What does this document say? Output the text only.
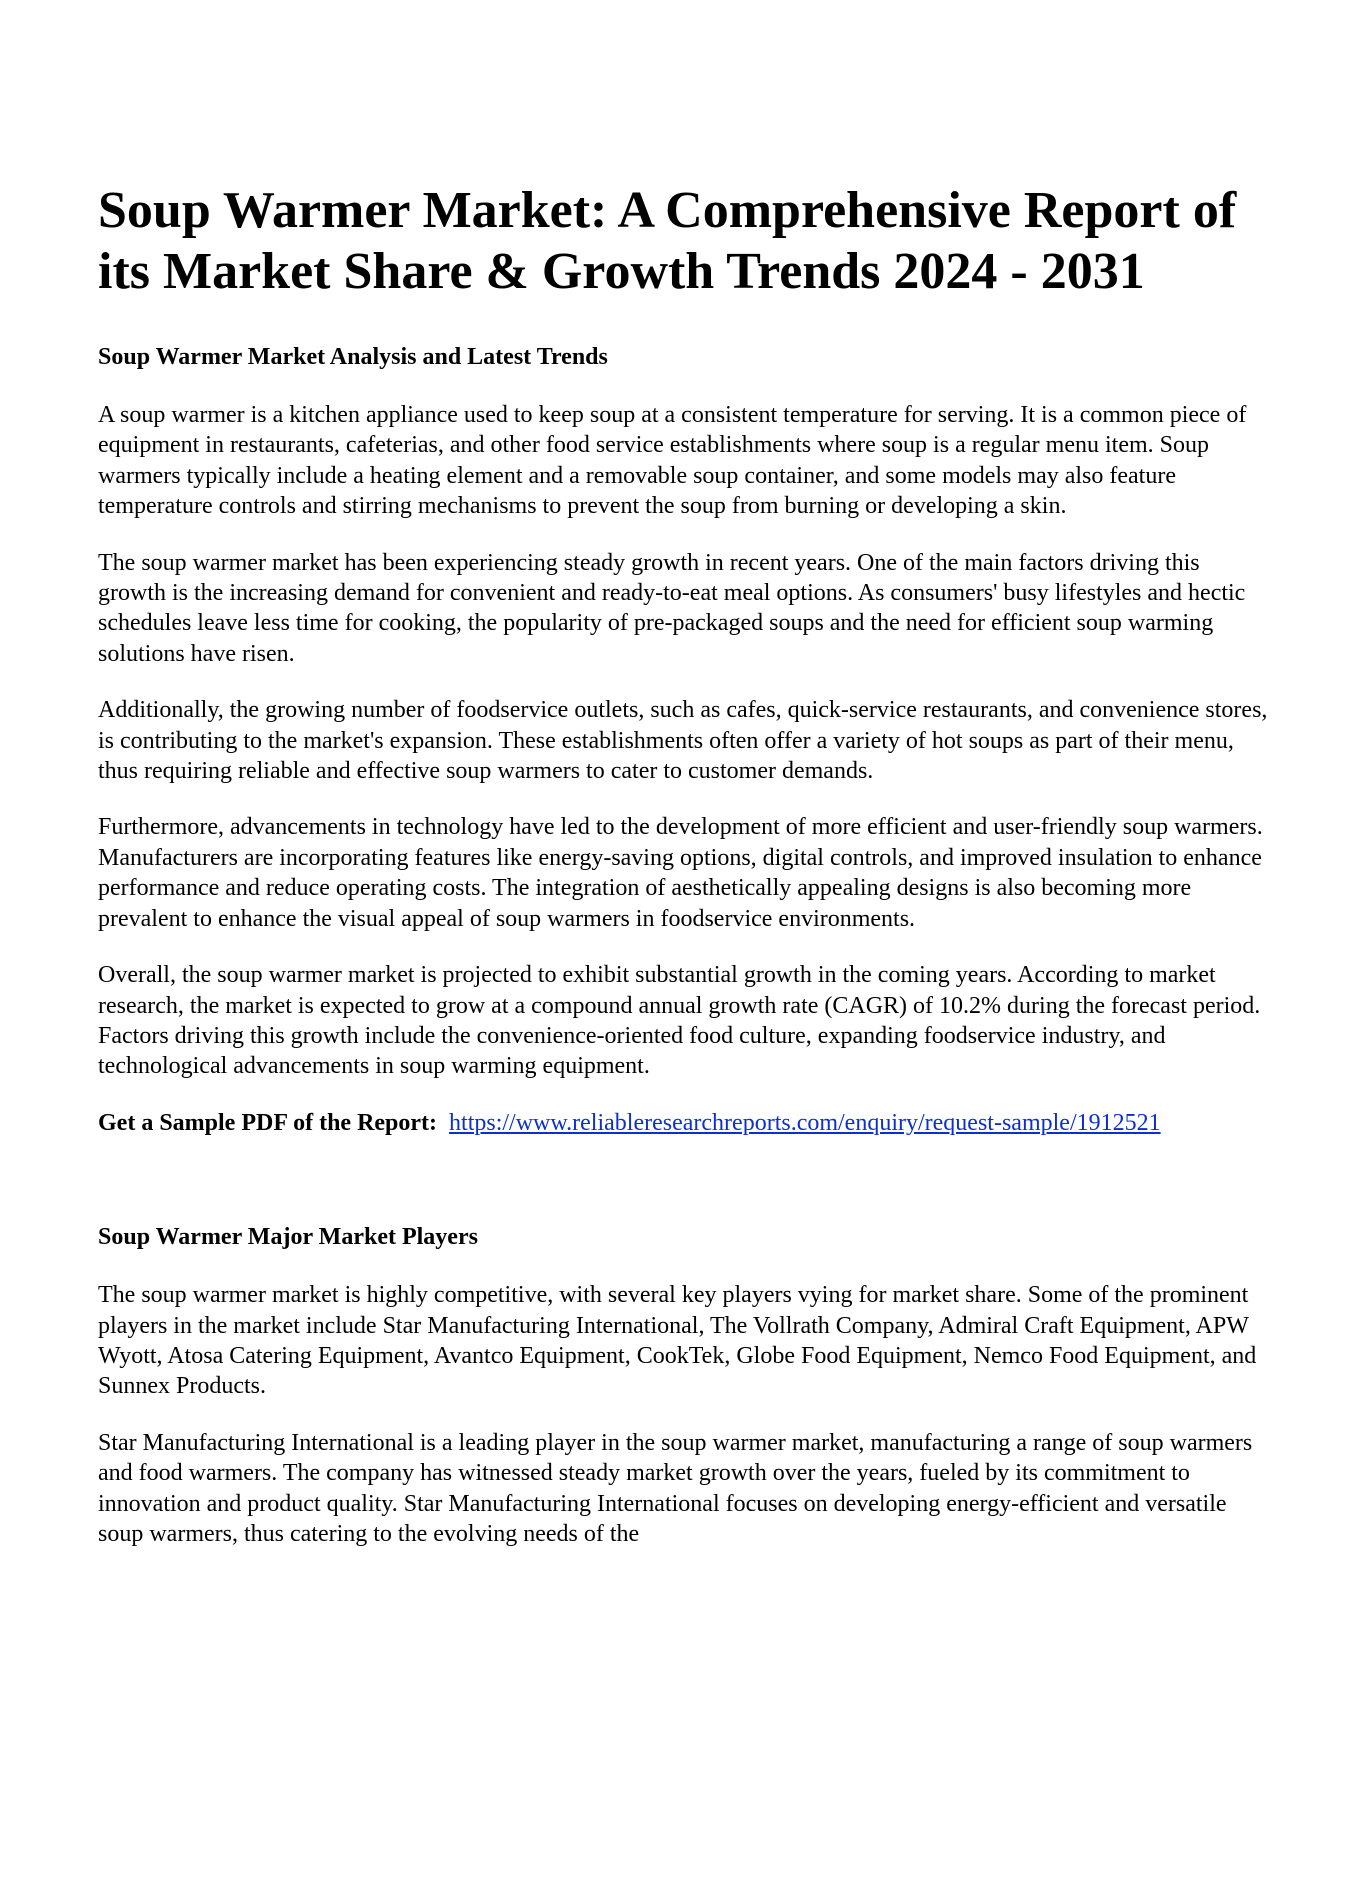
Soup Warmer Market: A Comprehensive Report of its Market Share & Growth Trends 2024 - 2031
Soup Warmer Market Analysis and Latest Trends

A soup warmer is a kitchen appliance used to keep soup at a consistent temperature for serving. It is a common piece of equipment in restaurants, cafeterias, and other food service establishments where soup is a regular menu item. Soup warmers typically include a heating element and a removable soup container, and some models may also feature temperature controls and stirring mechanisms to prevent the soup from burning or developing a skin.

The soup warmer market has been experiencing steady growth in recent years. One of the main factors driving this growth is the increasing demand for convenient and ready-to-eat meal options. As consumers' busy lifestyles and hectic schedules leave less time for cooking, the popularity of pre-packaged soups and the need for efficient soup warming solutions have risen.

Additionally, the growing number of foodservice outlets, such as cafes, quick-service restaurants, and convenience stores, is contributing to the market's expansion. These establishments often offer a variety of hot soups as part of their menu, thus requiring reliable and effective soup warmers to cater to customer demands.

Furthermore, advancements in technology have led to the development of more efficient and user-friendly soup warmers. Manufacturers are incorporating features like energy-saving options, digital controls, and improved insulation to enhance performance and reduce operating costs. The integration of aesthetically appealing designs is also becoming more prevalent to enhance the visual appeal of soup warmers in foodservice environments.

Overall, the soup warmer market is projected to exhibit substantial growth in the coming years. According to market research, the market is expected to grow at a compound annual growth rate (CAGR) of 10.2% during the forecast period. Factors driving this growth include the convenience-oriented food culture, expanding foodservice industry, and technological advancements in soup warming equipment.

Get a Sample PDF of the Report: https://www.reliableresearchreports.com/enquiry/request-sample/1912521

Soup Warmer Major Market Players

The soup warmer market is highly competitive, with several key players vying for market share. Some of the prominent players in the market include Star Manufacturing International, The Vollrath Company, Admiral Craft Equipment, APW Wyott, Atosa Catering Equipment, Avantco Equipment, CookTek, Globe Food Equipment, Nemco Food Equipment, and Sunnex Products.

Star Manufacturing International is a leading player in the soup warmer market, manufacturing a range of soup warmers and food warmers. The company has witnessed steady market growth over the years, fueled by its commitment to innovation and product quality. Star Manufacturing International focuses on developing energy-efficient and versatile soup warmers, thus catering to the evolving needs of the
